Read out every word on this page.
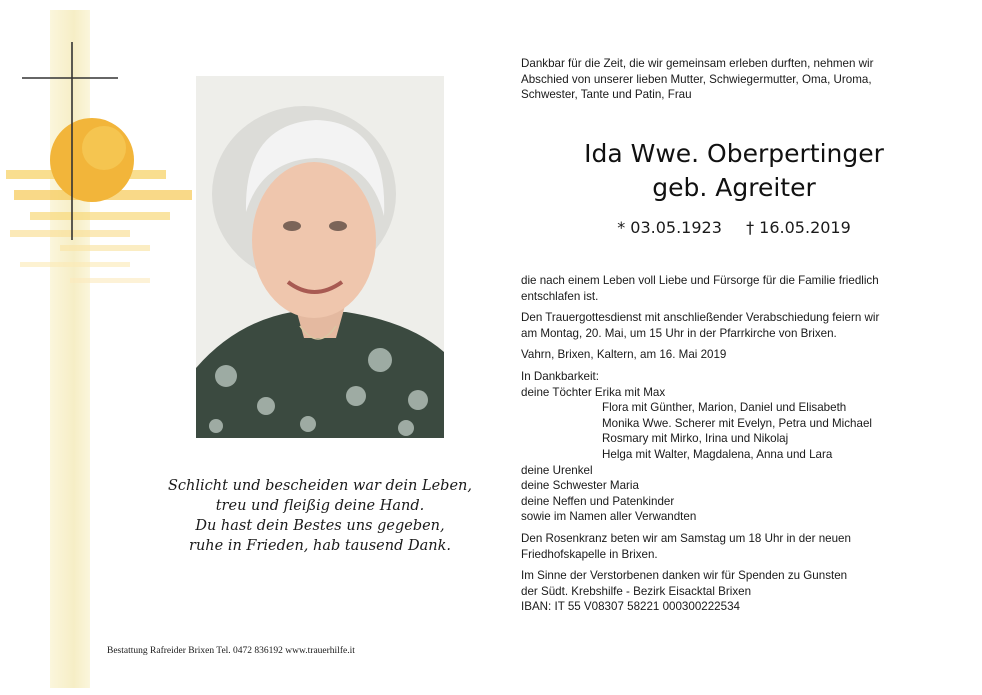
Dankbar für die Zeit, die wir gemeinsam erleben durften, nehmen wir
Abschied von unserer lieben Mutter, Schwiegermutter, Oma, Uroma,
Schwester, Tante und Patin, Frau
Ida Wwe. Oberpertinger
geb. Agreiter
* 03.05.1923 † 16.05.2019
die nach einem Leben voll Liebe und Fürsorge für die Familie friedlich
entschlafen ist.
Den Trauergottesdienst mit anschließender Verabschiedung feiern wir
am Montag, 20. Mai, um 15 Uhr in der Pfarrkirche von Brixen.
Vahrn, Brixen, Kaltern, am 16. Mai 2019
In Dankbarkeit:
deine Töchter Erika mit Max
Flora mit Günther, Marion, Daniel und Elisabeth
Monika Wwe. Scherer mit Evelyn, Petra und Michael
Rosmary mit Mirko, Irina und Nikolaj
Helga mit Walter, Magdalena, Anna und Lara
deine Urenkel
deine Schwester Maria
deine Neffen und Patenkinder
sowie im Namen aller Verwandten
Den Rosenkranz beten wir am Samstag um 18 Uhr in der neuen
Friedhofskapelle in Brixen.
Im Sinne der Verstorbenen danken wir für Spenden zu Gunsten
der Südt. Krebshilfe - Bezirk Eisacktal Brixen
IBAN: IT 55 V08307 58221 000300222534
Schlicht und bescheiden war dein Leben,
treu und fleißig deine Hand.
Du hast dein Bestes uns gegeben,
ruhe in Frieden, hab tausend Dank.
Bestattung Rafreider Brixen Tel. 0472 836192 www.trauerhilfe.it
